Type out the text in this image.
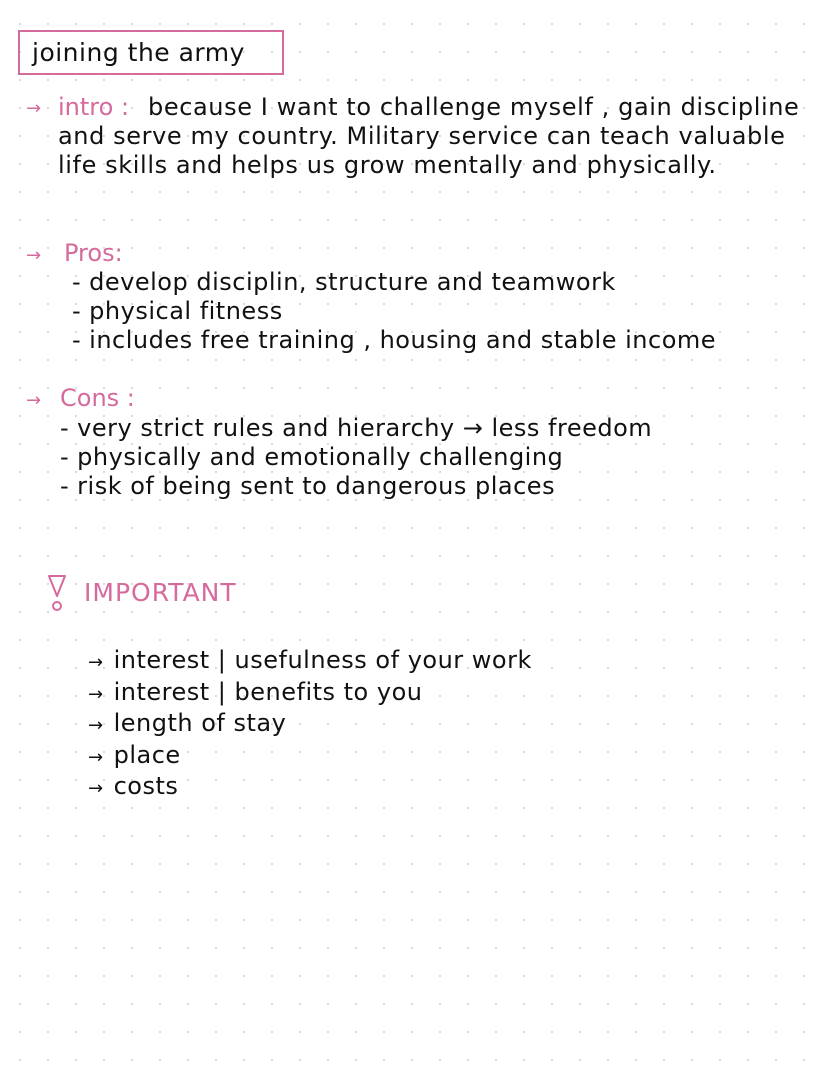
joining the army
→ intro : because I want to challenge myself , gain discipline and serve my country. Military service can teach valuable life skills and helps us grow mentally and physically.

→ Pros:
- develop disciplin, structure and teamwork
- physical fitness
- includes free training , housing and stable income
→ Cons :
- very strict rules and hierarchy → less freedom
- physically and emotionally challenging
- risk of being sent to dangerous places
IMPORTANT
→ interest | usefulness of your work
→ interest | benefits to you
→ length of stay
→ place
→ costs
